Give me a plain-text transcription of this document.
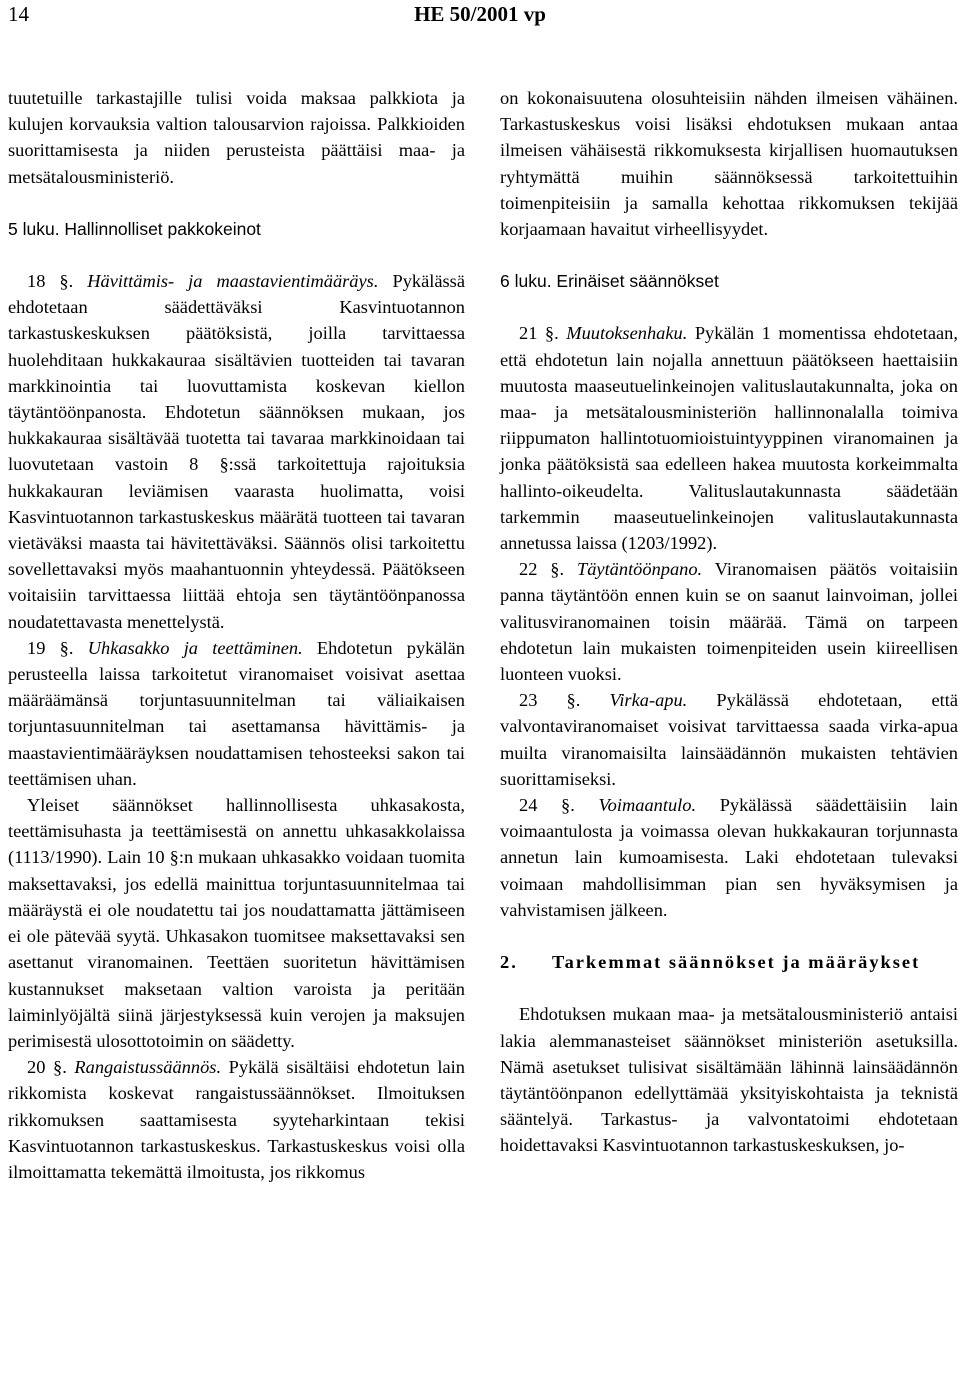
14	HE 50/2001 vp

tuutetuille tarkastajille tulisi voida maksaa palkkiota ja kulujen korvauksia valtion talousarvion rajoissa. Palkkioiden suorittamisesta ja niiden perusteista päättäisi maa- ja metsätalousministeriö.

5 luku. Hallinnolliset pakkokeinot

18 §. Hävittämis- ja maastavientimääräys. Pykälässä ehdotetaan säädettäväksi Kasvintuotannon tarkastuskeskuksen päätöksistä, joilla tarvittaessa huolehditaan hukkakauraa sisältävien tuotteiden tai tavaran markkinointia tai luovuttamista koskevan kiellon täytäntöönpanosta. Ehdotetun säännöksen mukaan, jos hukkakauraa sisältävää tuotetta tai tavaraa markkinoidaan tai luovutetaan vastoin 8 §:ssä tarkoitettuja rajoituksia hukkakauran leviämisen vaarasta huolimatta, voisi Kasvintuotannon tarkastuskeskus määrätä tuotteen tai tavaran vietäväksi maasta tai hävitettäväksi. Säännös olisi tarkoitettu sovellettavaksi myös maahantuonnin yhteydessä. Päätökseen voitaisiin tarvittaessa liittää ehtoja sen täytäntöönpanossa noudatettavasta menettelystä.

19 §. Uhkasakko ja teettäminen. Ehdotetun pykälän perusteella laissa tarkoitetut viranomaiset voisivat asettaa määräämänsä torjuntasuunnitelman tai väliaikaisen torjuntasuunnitelman tai asettamansa hävittämis- ja maastavientimääräyksen noudattamisen tehosteeksi sakon tai teettämisen uhan.

Yleiset säännökset hallinnollisesta uhkasakosta, teettämisuhasta ja teettämisestä on annettu uhkasakkolaissa (1113/1990). Lain 10 §:n mukaan uhkasakko voidaan tuomita maksettavaksi, jos edellä mainittua torjuntasuunnitelmaa tai määräystä ei ole noudatettu tai jos noudattamatta jättämiseen ei ole pätevää syytä. Uhkasakon tuomitsee maksettavaksi sen asettanut viranomainen. Teettäen suoritetun hävittämisen kustannukset maksetaan valtion varoista ja peritään laiminlyöjältä siinä järjestyksessä kuin verojen ja maksujen perimisestä ulosottotoimin on säädetty.

20 §. Rangaistussäännös. Pykälä sisältäisi ehdotetun lain rikkomista koskevat rangaistussäännökset. Ilmoituksen rikkomuksen saattamisesta syyteharkintaan tekisi Kasvintuotannon tarkastuskeskus. Tarkastuskeskus voisi olla ilmoittamatta tekemättä ilmoitusta, jos rikkomus

on kokonaisuutena olosuhteisiin nähden ilmeisen vähäinen. Tarkastuskeskus voisi lisäksi ehdotuksen mukaan antaa ilmeisen vähäisestä rikkomuksesta kirjallisen huomautuksen ryhtymättä muihin säännöksessä tarkoitettuihin toimenpiteisiin ja samalla kehottaa rikkomuksen tekijää korjaamaan havaitut virheellisyydet.

6 luku. Erinäiset säännökset

21 §. Muutoksenhaku. Pykälän 1 momentissa ehdotetaan, että ehdotetun lain nojalla annettuun päätökseen haettaisiin muutosta maaseutuelinkeinojen valituslautakunnalta, joka on maa- ja metsätalousministeriön hallinnonalalla toimiva riippumaton hallintotuomioistuintyyppinen viranomainen ja jonka päätöksistä saa edelleen hakea muutosta korkeimmalta hallinto-oikeudelta. Valituslautakunnasta säädetään tarkemmin maaseutuelinkeinojen valituslautakunnasta annetussa laissa (1203/1992).

22 §. Täytäntöönpano. Viranomaisen päätös voitaisiin panna täytäntöön ennen kuin se on saanut lainvoiman, jollei valitusviranomainen toisin määrää. Tämä on tarpeen ehdotetun lain mukaisten toimenpiteiden usein kiireellisen luonteen vuoksi.

23 §. Virka-apu. Pykälässä ehdotetaan, että valvontaviranomaiset voisivat tarvittaessa saada virka-apua muilta viranomaisilta lainsäädännön mukaisten tehtävien suorittamiseksi.

24 §. Voimaantulo. Pykälässä säädettäisiin lain voimaantulosta ja voimassa olevan hukkakauran torjunnasta annetun lain kumoamisesta. Laki ehdotetaan tulevaksi voimaan mahdollisimman pian sen hyväksymisen ja vahvistamisen jälkeen.

2.	Tarkemmat säännökset ja määräykset

Ehdotuksen mukaan maa- ja metsätalousministeriö antaisi lakia alemmanasteiset säännökset ministeriön asetuksilla. Nämä asetukset tulisivat sisältämään lähinnä lainsäädännön täytäntöönpanon edellyttämää yksityiskohtaista ja teknistä sääntelyä. Tarkastus- ja valvontatoimi ehdotetaan hoidettavaksi Kasvintuotannon tarkastuskeskuksen, jo-
